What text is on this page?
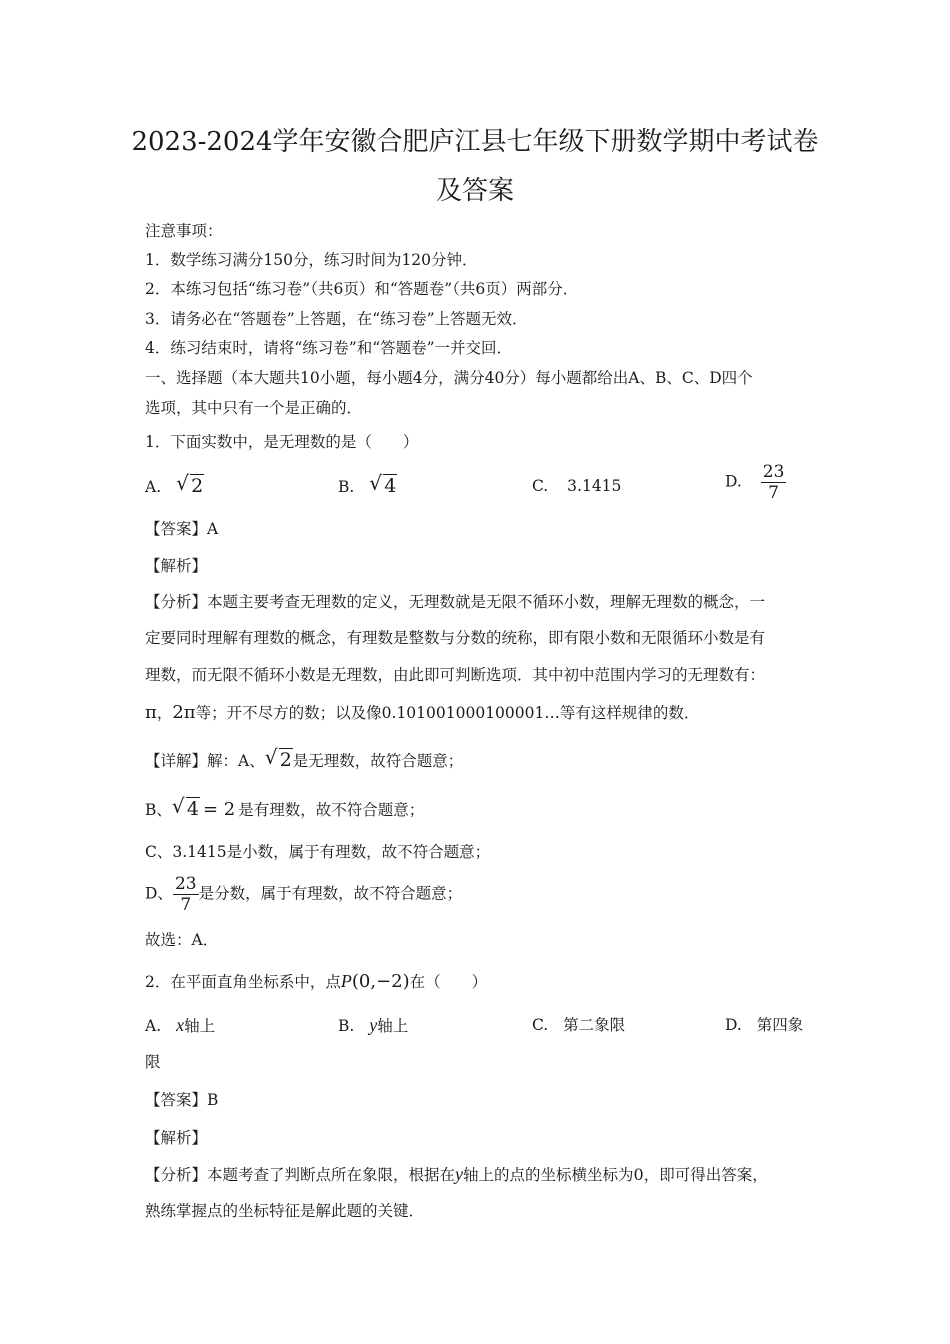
2023-2024学年安徽合肥庐江县七年级下册数学期中考试卷
及答案
注意事项：
1．数学练习满分150分，练习时间为120分钟．
2．本练习包括“练习卷”（共6页）和“答题卷”（共6页）两部分．
3．请务必在“答题卷”上答题，在“练习卷”上答题无效．
4．练习结束时，请将“练习卷”和“答题卷”一并交回．
一、选择题（本大题共10小题，每小题4分，满分40分）每小题都给出A、B、C、D四个
选项，其中只有一个是正确的．
1．下面实数中，是无理数的是（　　）
A. √ 2	B. √ 4	C. 3.1415	D. $\frac{23}{7}$
【答案】A
【解析】
【分析】本题主要考查无理数的定义，无理数就是无限不循环小数，理解无理数的概念，一
定要同时理解有理数的概念，有理数是整数与分数的统称，即有限小数和无限循环小数是有
理数，而无限不循环小数是无理数，由此即可判断选项．其中初中范围内学习的无理数有：
π，2π等；开不尽方的数；以及像0.101001000100001…等有这样规律的数．
【详解】解：A、 √ 2是无理数，故符合题意；
B、 √ 4 = 2 是有理数，故不符合题意；
C、3.1415是小数，属于有理数，故不符合题意；
D、 $\frac{23}{7}$ 是分数，属于有理数，故不符合题意；
故选：A．
2．在平面直角坐标系中，点P(0,−2)在（　　）
A. x轴上	B. y轴上	C. 第二象限	D. 第四象
限
【答案】B
【解析】
【分析】本题考查了判断点所在象限，根据在y轴上的点的坐标横坐标为0，即可得出答案，
熟练掌握点的坐标特征是解此题的关键．
